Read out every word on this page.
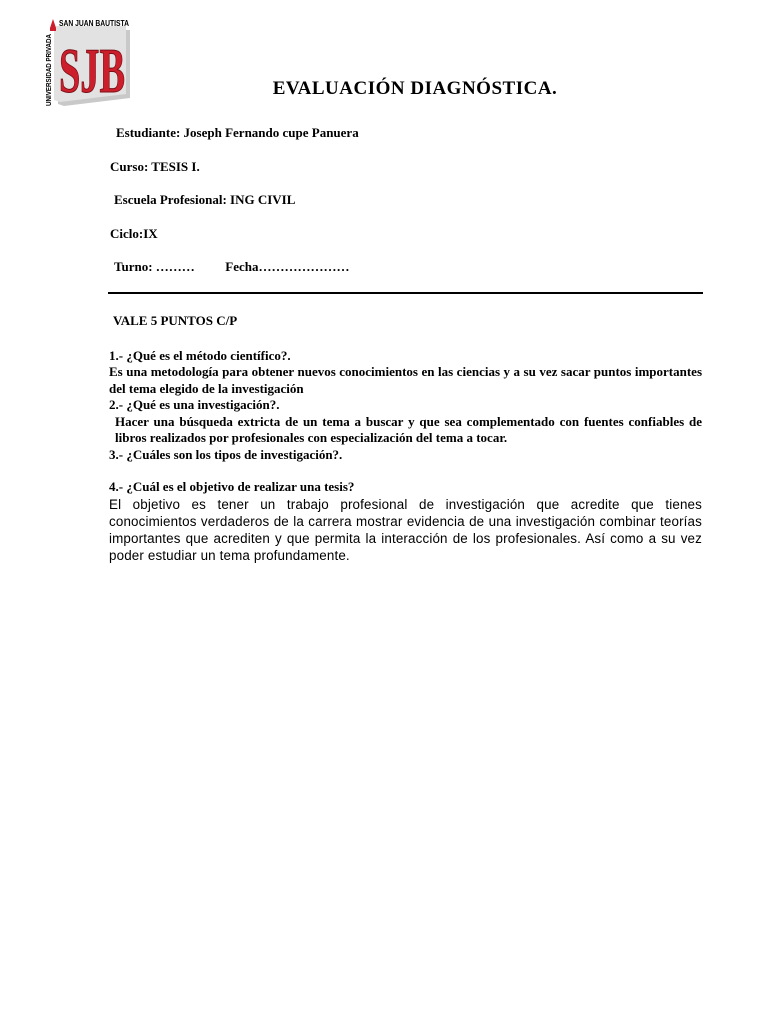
SAN JUAN BAUTISTA
UNIVERSIDAD PRIVADA SJB	EVALUACIÓN DIAGNÓSTICA.
Estudiante: Joseph Fernando cupe Panuera
Curso: TESIS I.
Escuela Profesional: ING CIVIL
Ciclo:IX
Turno: ……… Fecha…………………

VALE 5 PUNTOS C/P

1.- ¿Qué es el método científico?.

Es una metodología para obtener nuevos conocimientos en las ciencias y a su vez sacar puntos importantes del tema elegido de la investigación

2.- ¿Qué es una investigación?.

Hacer una búsqueda extricta de un tema a buscar y que sea complementado con fuentes confiables de libros realizados por profesionales con especialización del tema a tocar.

3.- ¿Cuáles son los tipos de investigación?.

4.- ¿Cuál es el objetivo de realizar una tesis?

El objetivo es tener un trabajo profesional de investigación que acredite que tienes conocimientos verdaderos de la carrera mostrar evidencia de una investigación combinar teorías importantes que acrediten y que permita la interacción de los profesionales. Así como a su vez poder estudiar un tema profundamente.
